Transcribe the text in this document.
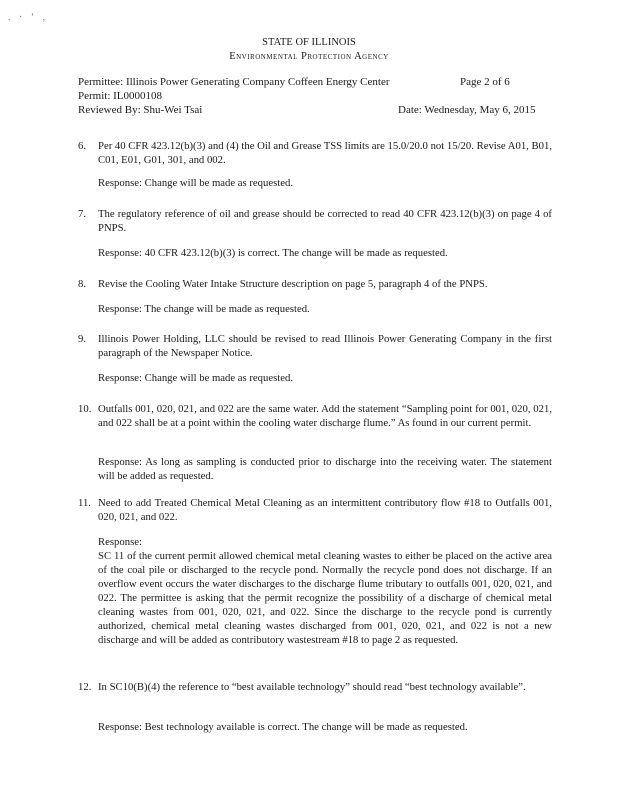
. · ‘ ,
STATE OF ILLINOIS
Environmental Protection Agency
Permittee: Illinois Power Generating Company Coffeen Energy Center	Page 2 of 6
Permit: IL0000108
Reviewed By: Shu-Wei Tsai	Date: Wednesday, May 6, 2015
6. Per 40 CFR 423.12(b)(3) and (4) the Oil and Grease TSS limits are 15.0/20.0 not 15/20. Revise A01, B01, C01, E01, G01, 301, and 002.
Response: Change will be made as requested.
7. The regulatory reference of oil and grease should be corrected to read 40 CFR 423.12(b)(3) on page 4 of PNPS.
Response: 40 CFR 423.12(b)(3) is correct. The change will be made as requested.
8. Revise the Cooling Water Intake Structure description on page 5, paragraph 4 of the PNPS.
Response: The change will be made as requested.
9. Illinois Power Holding, LLC should be revised to read Illinois Power Generating Company in the first paragraph of the Newspaper Notice.
Response: Change will be made as requested.
10. Outfalls 001, 020, 021, and 022 are the same water. Add the statement “Sampling point for 001, 020, 021, and 022 shall be at a point within the cooling water discharge flume.” As found in our current permit.
Response: As long as sampling is conducted prior to discharge into the receiving water. The statement will be added as requested.
11. Need to add Treated Chemical Metal Cleaning as an intermittent contributory flow #18 to Outfalls 001, 020, 021, and 022.
Response:
SC 11 of the current permit allowed chemical metal cleaning wastes to either be placed on the active area of the coal pile or discharged to the recycle pond. Normally the recycle pond does not discharge. If an overflow event occurs the water discharges to the discharge flume tributary to outfalls 001, 020, 021, and 022. The permittee is asking that the permit recognize the possibility of a discharge of chemical metal cleaning wastes from 001, 020, 021, and 022. Since the discharge to the recycle pond is currently authorized, chemical metal cleaning wastes discharged from 001, 020, 021, and 022 is not a new discharge and will be added as contributory wastestream #18 to page 2 as requested.
12. In SC10(B)(4) the reference to “best available technology” should read “best technology available”.
Response: Best technology available is correct. The change will be made as requested.
